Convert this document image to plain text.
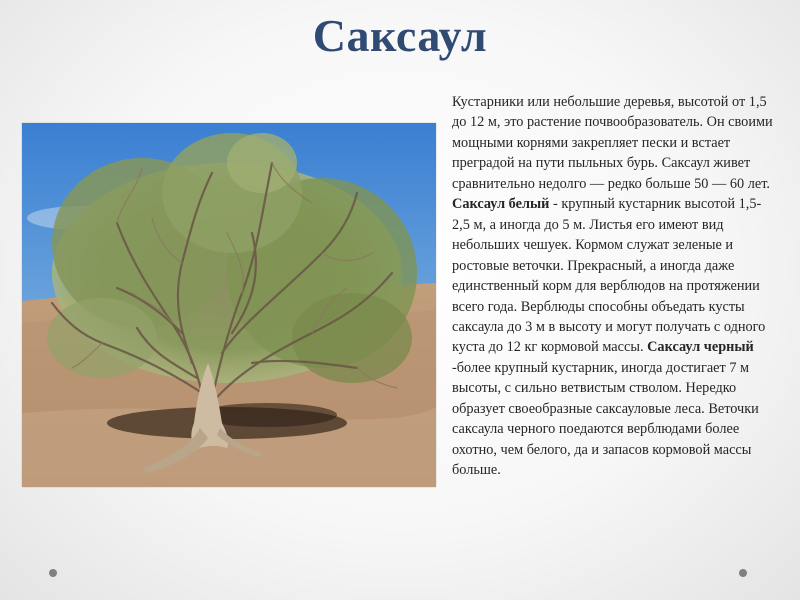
Саксаул

Кустарники или небольшие деревья, высотой от 1,5 до 12 м, это растение почвообразователь. Он своими мощными корнями закрепляет пески и встает преградой на пути пыльных бурь. Саксаул живет сравнительно недолго — редко больше 50 — 60 лет. Саксаул белый - крупный кустарник высотой 1,5-2,5 м, а иногда до 5 м. Листья его имеют вид небольших чешуек. Кормом служат зеленые и ростовые веточки. Прекрасный, а иногда даже единственный корм для верблюдов на протяжении всего года. Верблюды способны объедать кусты саксаула до 3 м в высоту и могут получать с одного куста до 12 кг кормовой массы. Саксаул черный -более крупный кустарник, иногда достигает 7 м высоты, с сильно ветвистым стволом. Нередко образует своеобразные саксауловые леса. Веточки саксаула черного поедаются верблюдами более охотно, чем белого, да и запасов кормовой массы больше.
